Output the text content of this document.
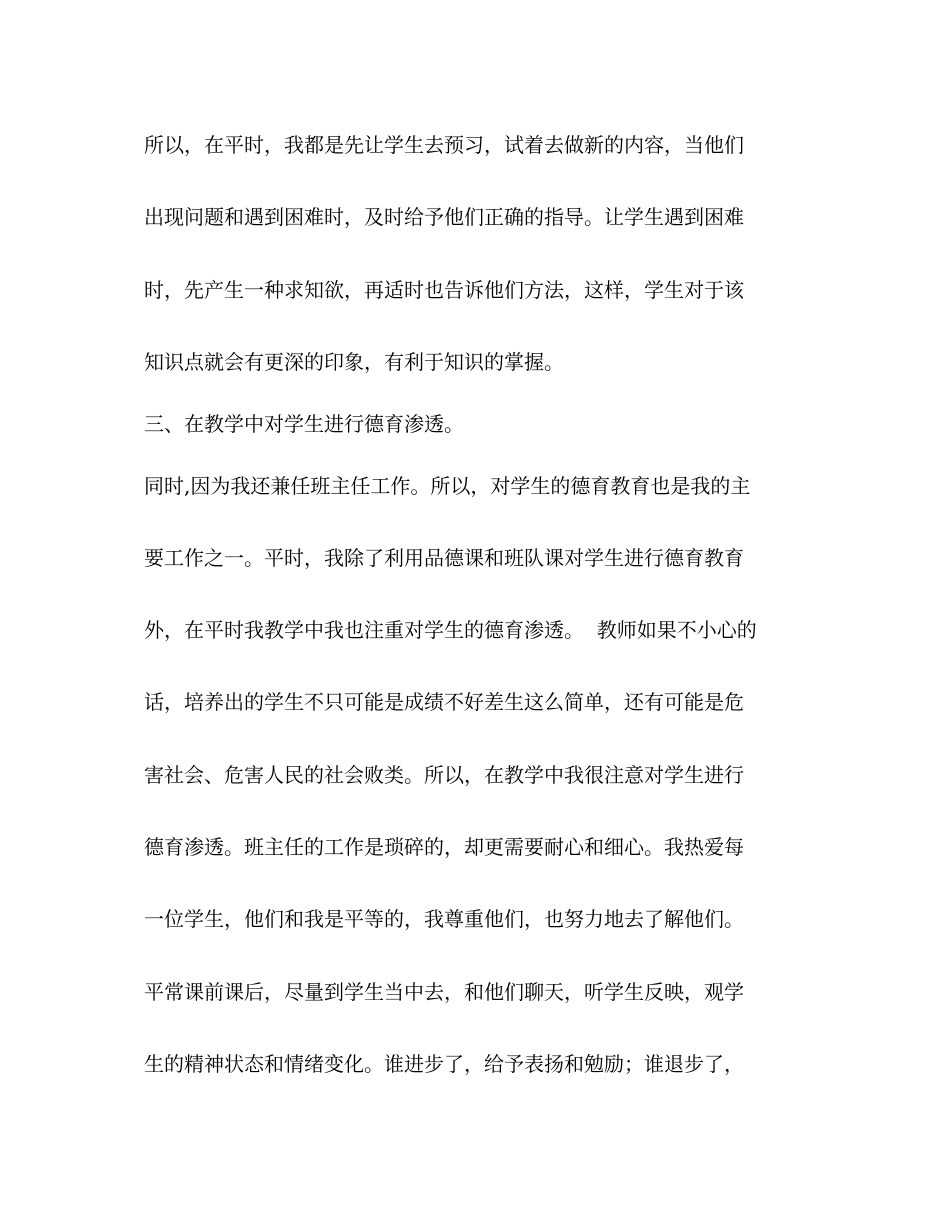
所以，在平时，我都是先让学生去预习，试着去做新的内容，当他们

出现问题和遇到困难时，及时给予他们正确的指导。让学生遇到困难

时，先产生一种求知欲，再适时也告诉他们方法，这样，学生对于该

知识点就会有更深的印象，有利于知识的掌握。

三、在教学中对学生进行德育渗透。

同时,因为我还兼任班主任工作。所以，对学生的德育教育也是我的主

要工作之一。平时，我除了利用品德课和班队课对学生进行德育教育

外，在平时我教学中我也注重对学生的德育渗透。  教师如果不小心的

话，培养出的学生不只可能是成绩不好差生这么简单，还有可能是危

害社会、危害人民的社会败类。所以，在教学中我很注意对学生进行

德育渗透。班主任的工作是琐碎的，却更需要耐心和细心。我热爱每

一位学生，他们和我是平等的，我尊重他们，也努力地去了解他们。

平常课前课后，尽量到学生当中去，和他们聊天，听学生反映，观学

生的精神状态和情绪变化。谁进步了，给予表扬和勉励；谁退步了，
